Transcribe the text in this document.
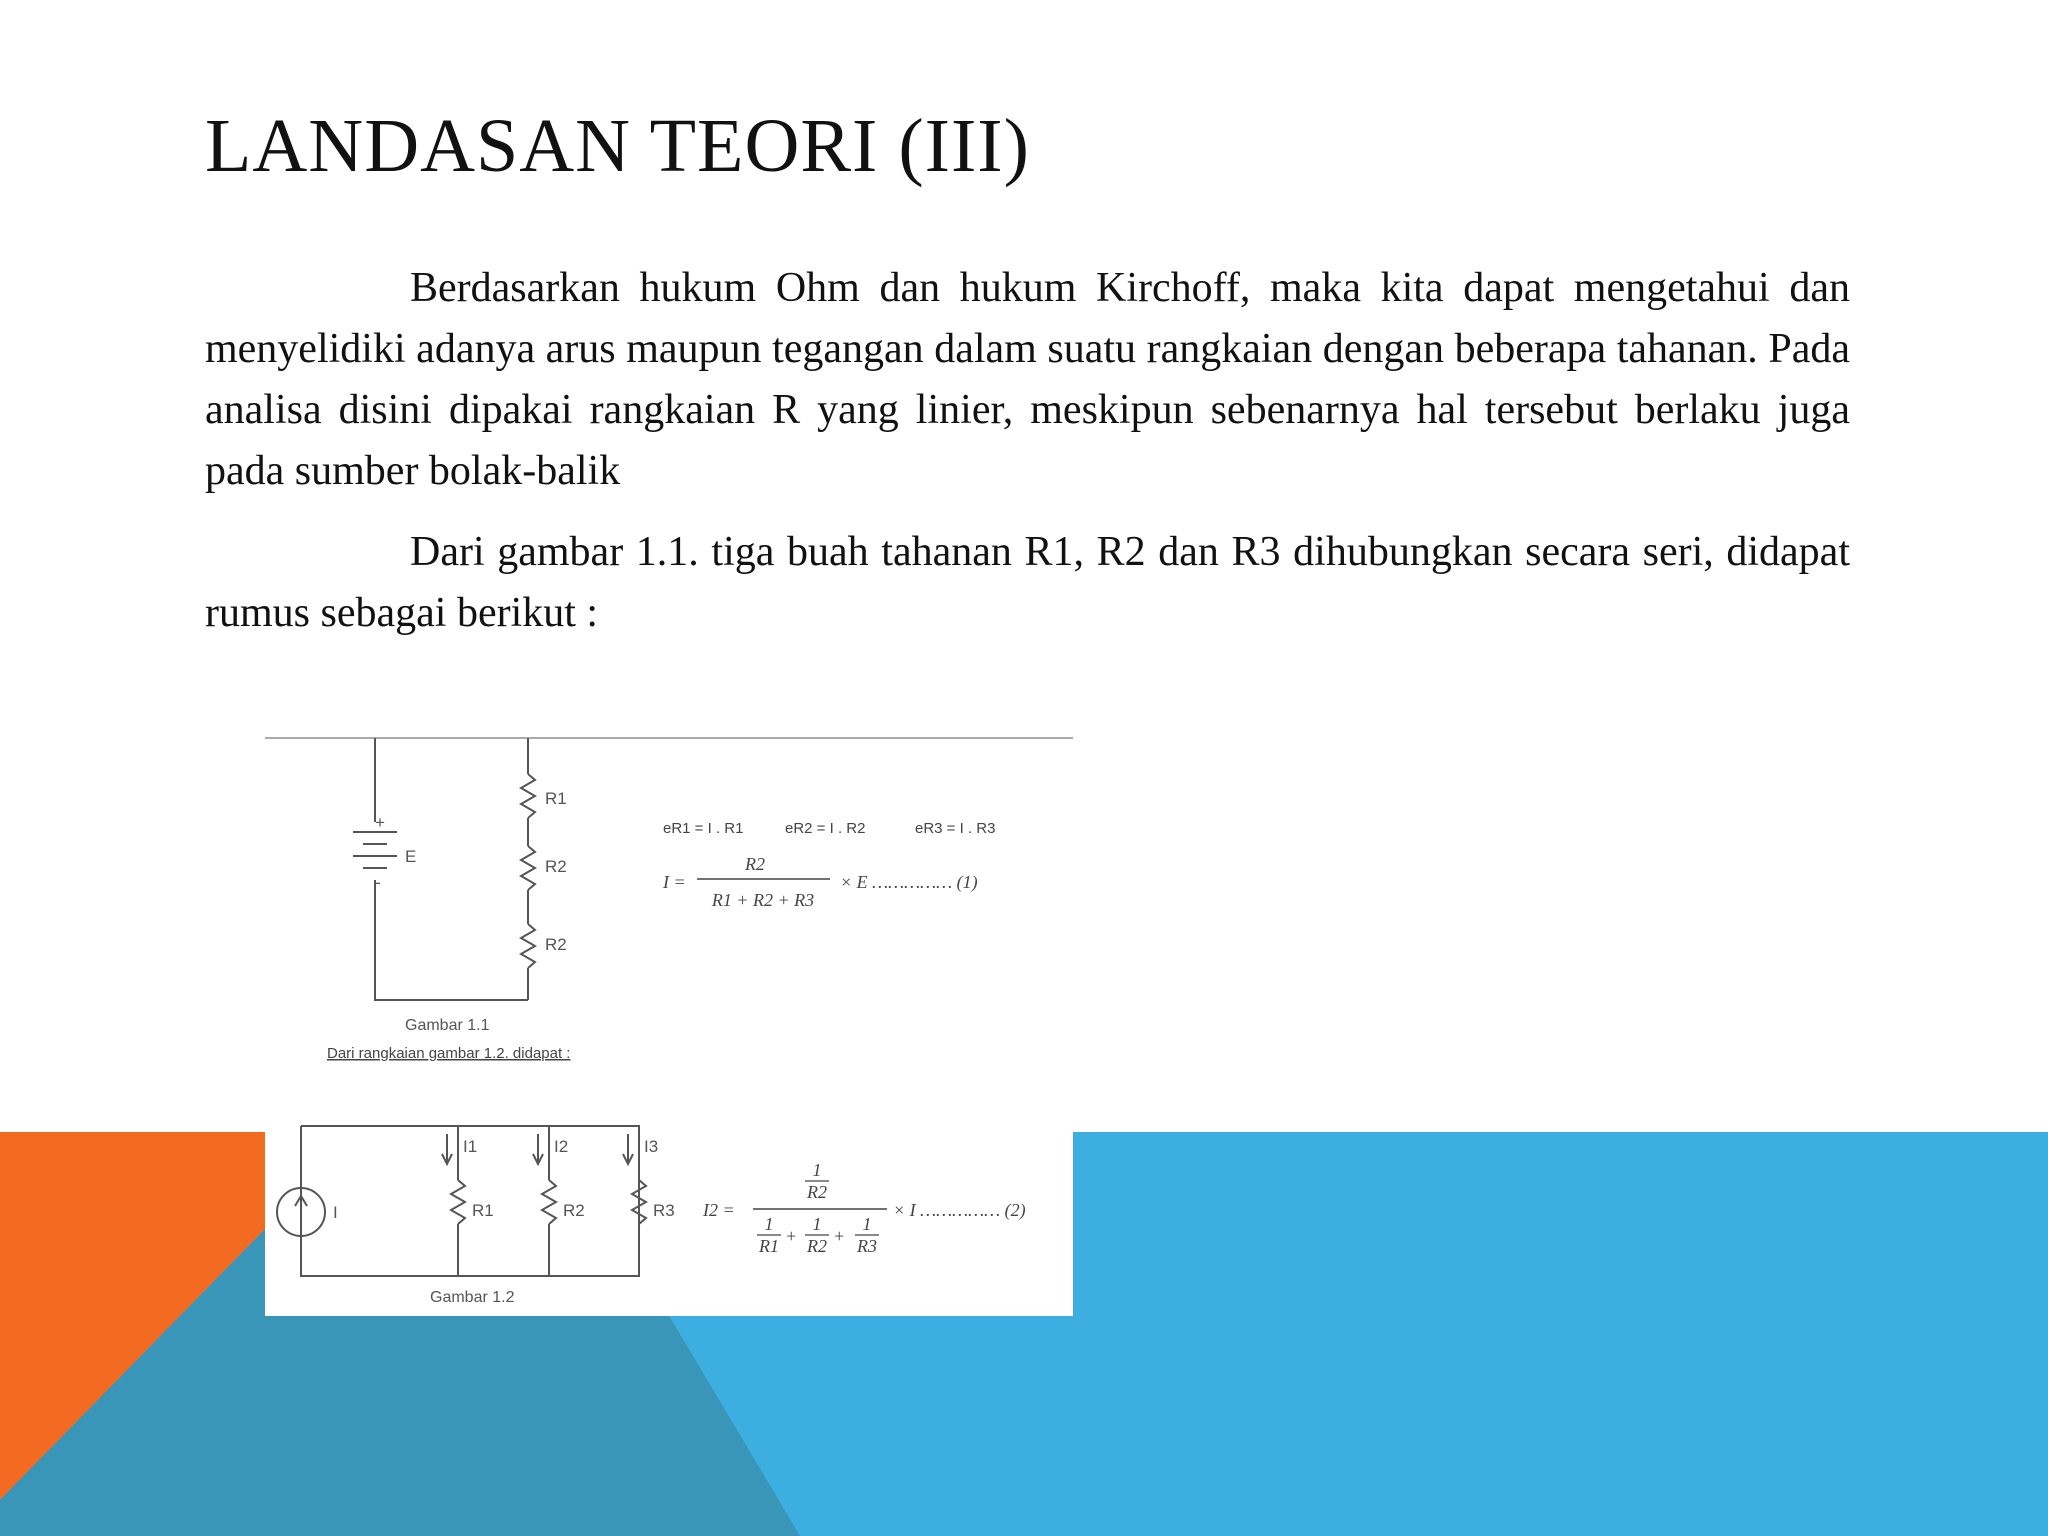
LANDASAN TEORI (III)

Berdasarkan hukum Ohm dan hukum Kirchoff, maka kita dapat mengetahui dan menyelidiki adanya arus maupun tegangan dalam suatu rangkaian dengan beberapa tahanan. Pada analisa disini dipakai rangkaian R yang linier, meskipun sebenarnya hal tersebut berlaku juga pada sumber bolak-balik

Dari gambar 1.1. tiga buah tahanan R1, R2 dan R3 dihubungkan secara seri, didapat rumus sebagai berikut :

R1
R2
R2
E
+
-
eR1 = I . R1	eR2 = I . R2	eR3 = I . R3
I =
R2
R1 + R2 + R3
× E …………… (1)
Gambar 1.1
Dari rangkaian gambar 1.2. didapat :
I
I1	I2	I3
R1	R2	R3 I2 =
1
R2
1
R1 +
1
R2 +
1
R3
× I …………… (2)
Gambar 1.2
